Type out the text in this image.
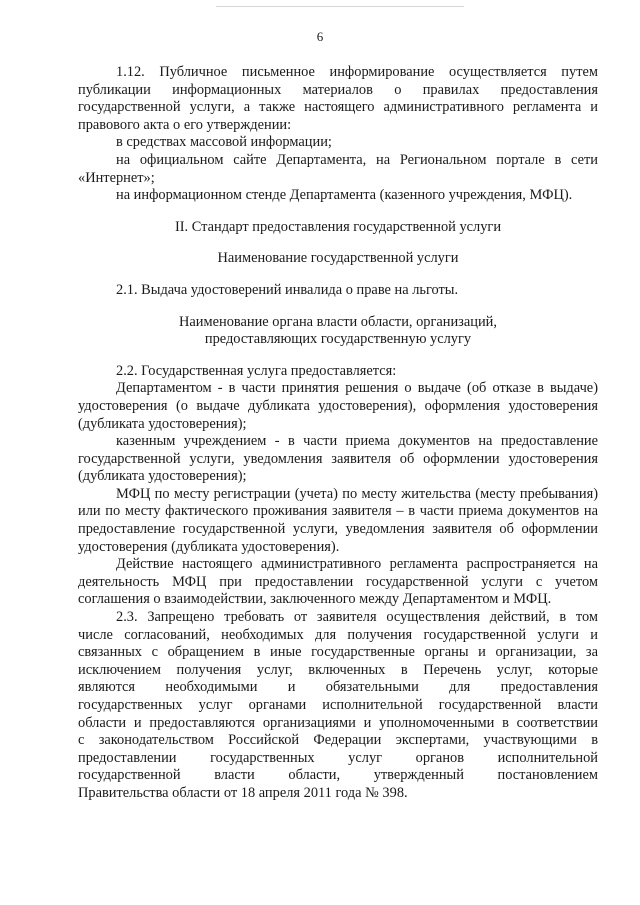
6

1.12. Публичное письменное информирование осуществляется путем публикации информационных материалов о правилах предоставления государственной услуги, а также настоящего административного регламента и правового акта о его утверждении:

в средствах массовой информации;

на официальном сайте Департамента, на Региональном портале в сети «Интернет»;

на информационном стенде Департамента (казенного учреждения, МФЦ).

II. Стандарт предоставления государственной услуги

Наименование государственной услуги

2.1. Выдача удостоверений инвалида о праве на льготы.

Наименование органа власти области, организаций,

предоставляющих государственную услугу

2.2. Государственная услуга предоставляется:

Департаментом - в части принятия решения о выдаче (об отказе в выдаче) удостоверения (о выдаче дубликата удостоверения), оформления удостоверения (дубликата удостоверения);

казенным учреждением - в части приема документов на предоставление государственной услуги, уведомления заявителя об оформлении удостоверения (дубликата удостоверения);

МФЦ по месту регистрации (учета) по месту жительства (месту пребывания) или по месту фактического проживания заявителя – в части приема документов на предоставление государственной услуги, уведомления заявителя об оформлении удостоверения (дубликата удостоверения).

Действие настоящего административного регламента распространяется на деятельность МФЦ при предоставлении государственной услуги с учетом соглашения о взаимодействии, заключенного между Департаментом и МФЦ.

2.3. Запрещено требовать от заявителя осуществления действий, в том
числе согласований, необходимых для получения государственной услуги и
связанных с обращением в иные государственные органы и организации, за
исключением получения услуг, включенных в Перечень услуг, которые
являются необходимыми и обязательными для предоставления
государственных услуг органами исполнительной государственной власти
области и предоставляются организациями и уполномоченными в соответствии
с законодательством Российской Федерации экспертами, участвующими в
предоставлении государственных услуг органов исполнительной
государственной власти области, утвержденный постановлением
Правительства области от 18 апреля 2011 года № 398.
